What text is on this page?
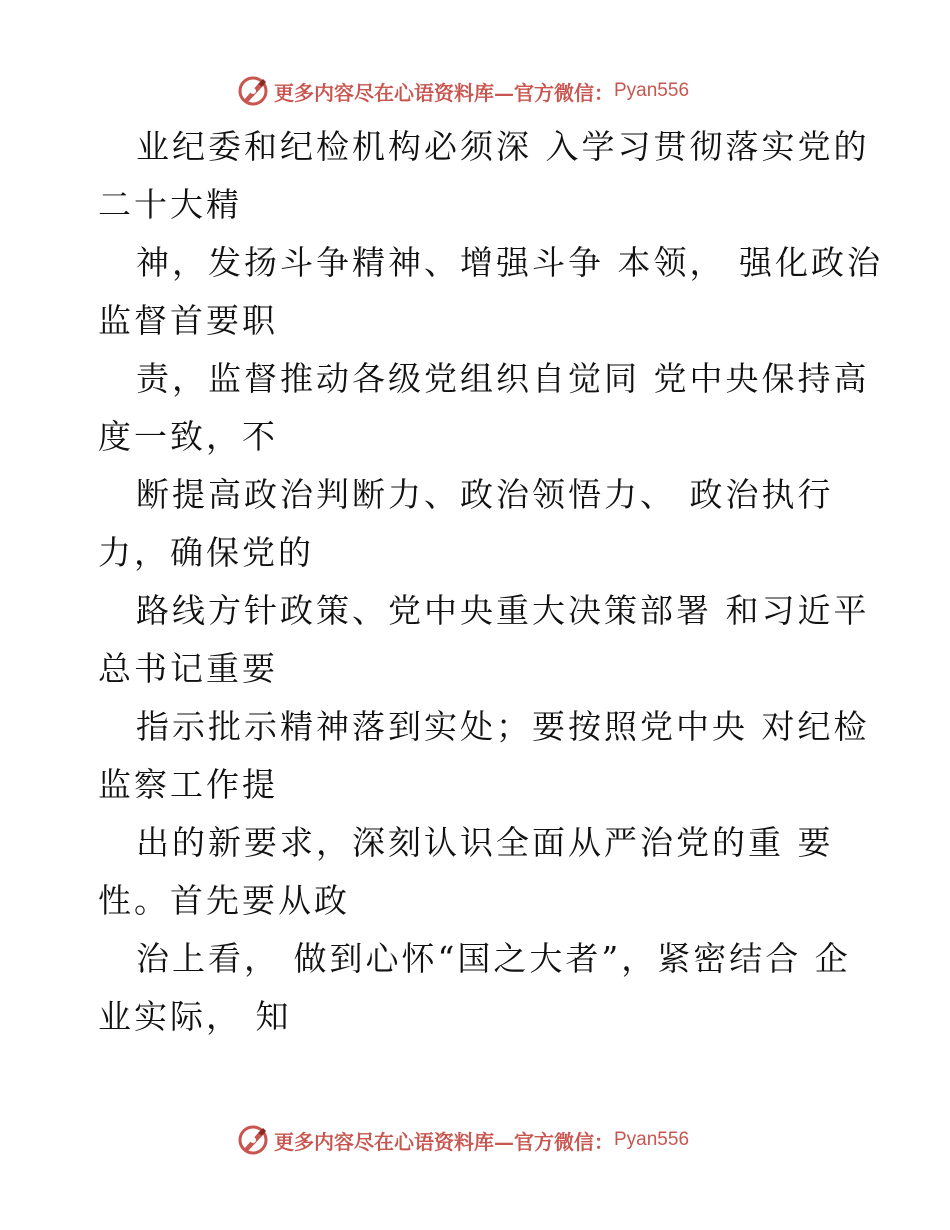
更多内容尽在心语资料库—官方微信： Pyan556
业纪委和纪检机构必须深 入学习贯彻落实党的
二十大精
神，发扬斗争精神、增强斗争 本领， 强化政治
监督首要职
责，监督推动各级党组织自觉同 党中央保持高
度一致，不
断提高政治判断力、政治领悟力、 政治执行
力，确保党的
路线方针政策、党中央重大决策部署 和习近平
总书记重要
指示批示精神落到实处；要按照党中央 对纪检
监察工作提
出的新要求，深刻认识全面从严治党的重 要
性。首先要从政
治上看， 做到心怀“国之大者”，紧密结合 企
业实际， 知
更多内容尽在心语资料库—官方微信： Pyan556
